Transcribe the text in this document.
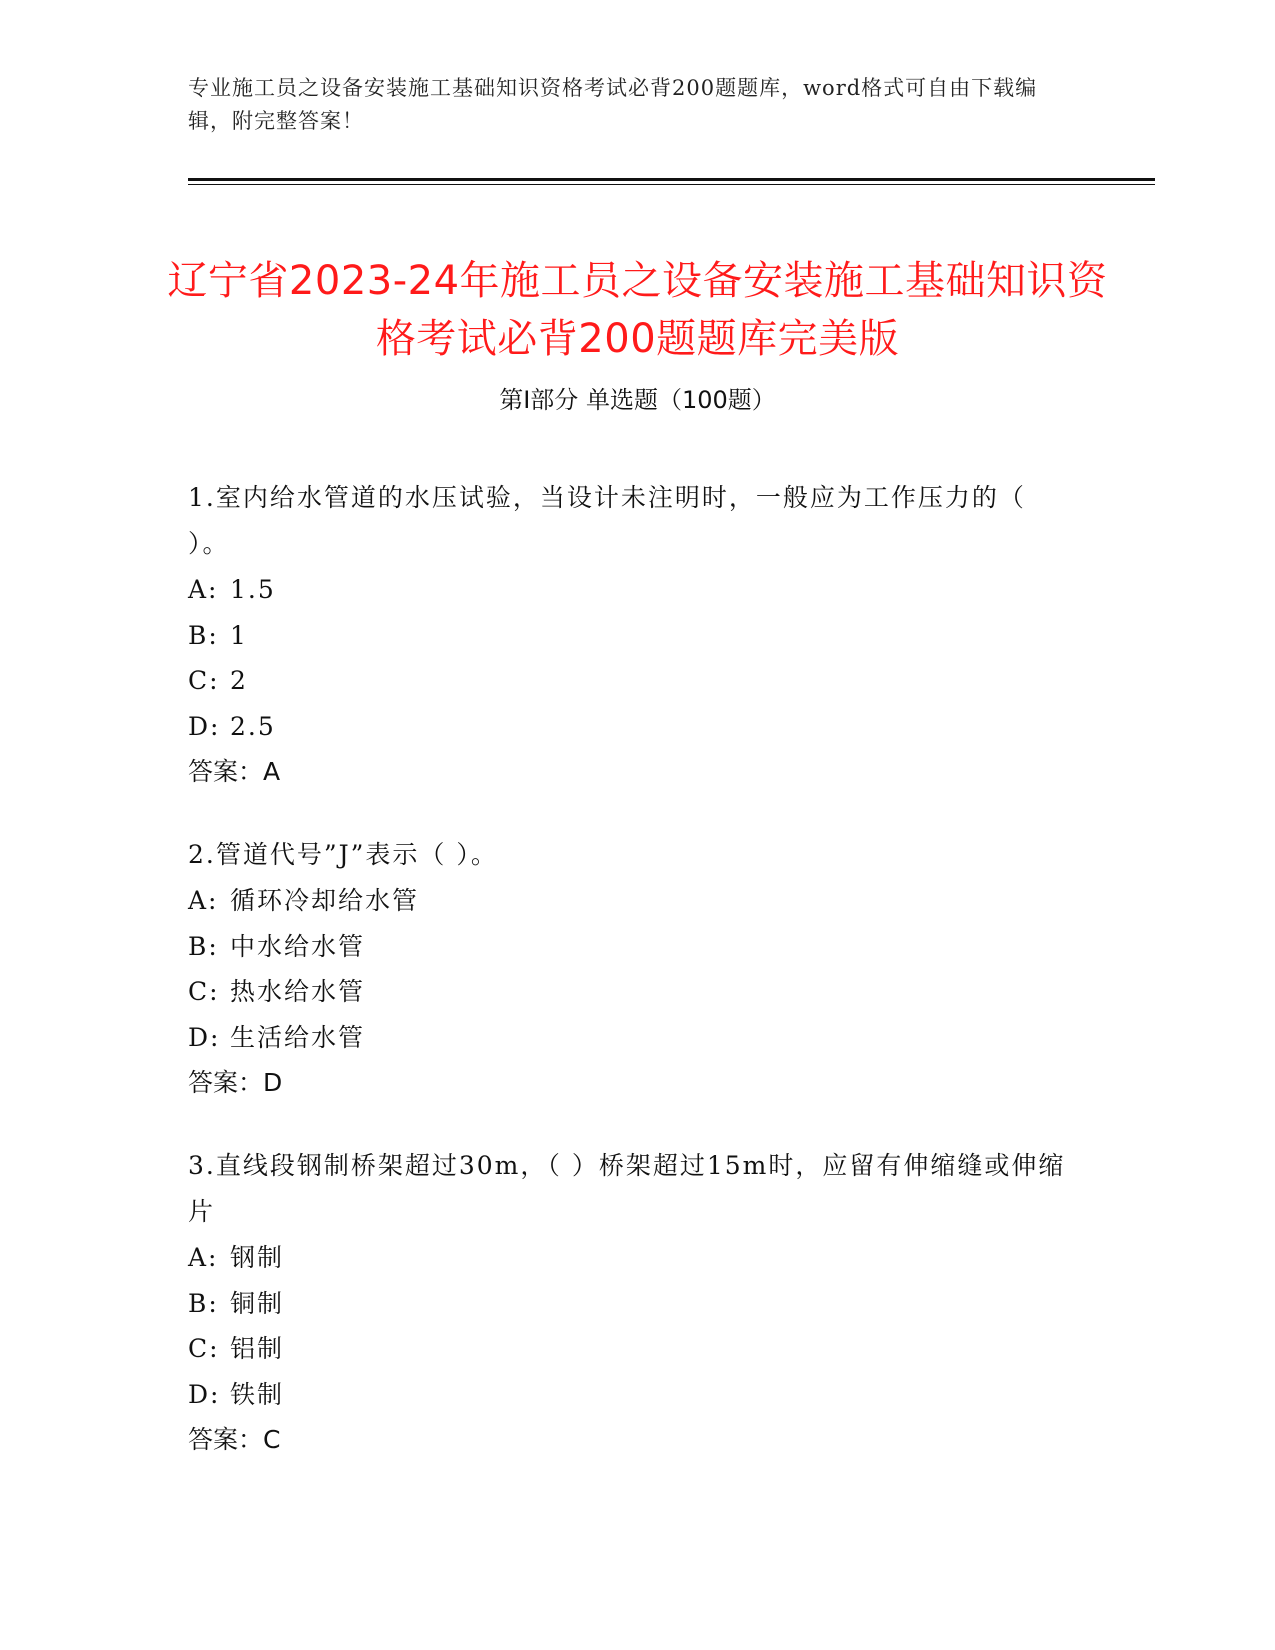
专业施工员之设备安装施工基础知识资格考试必背200题题库，word格式可自由下载编辑，附完整答案！
辽宁省2023-24年施工员之设备安装施工基础知识资格考试必背200题题库完美版
第Ⅰ部分 单选题（100题）
1.室内给水管道的水压试验，当设计未注明时，一般应为工作压力的（ ）。
A: 1.5
B: 1
C: 2
D: 2.5
答案：A
2.管道代号”J”表示（ ）。
A: 循环冷却给水管
B: 中水给水管
C: 热水给水管
D: 生活给水管
答案：D
3.直线段钢制桥架超过30m，（ ）桥架超过15m时，应留有伸缩缝或伸缩片
A: 钢制
B: 铜制
C: 铝制
D: 铁制
答案：C
